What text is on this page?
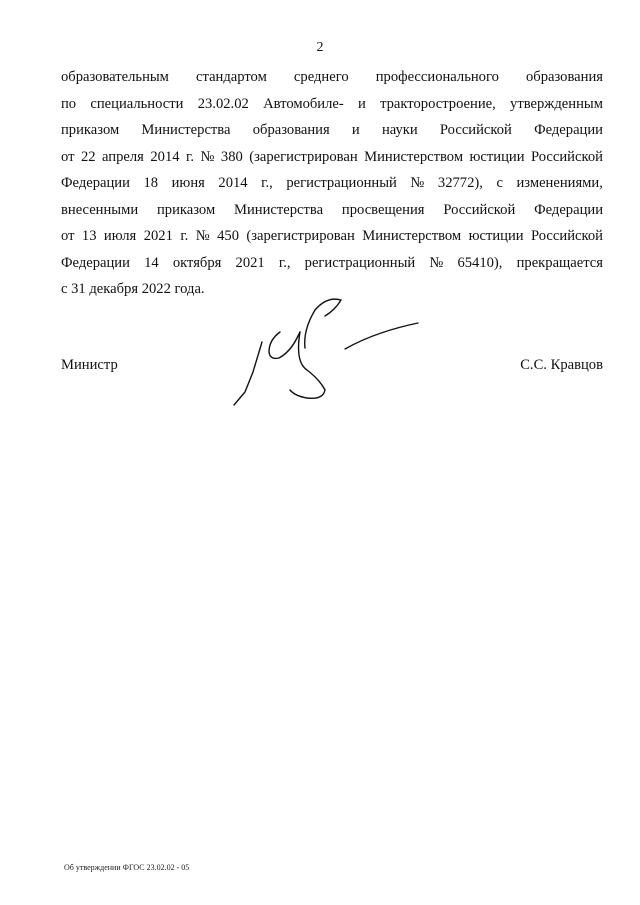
2
образовательным стандартом среднего профессионального образования
по специальности 23.02.02 Автомобиле- и тракторостроение, утвержденным
приказом Министерства образования и науки Российской Федерации
от 22 апреля 2014 г. № 380 (зарегистрирован Министерством юстиции Российской
Федерации 18 июня 2014 г., регистрационный № 32772), с изменениями,
внесенными приказом Министерства просвещения Российской Федерации
от 13 июля 2021 г. № 450 (зарегистрирован Министерством юстиции Российской
Федерации 14 октября 2021 г., регистрационный № 65410), прекращается
с 31 декабря 2022 года.
Министр	С.С. Кравцов
Об утверждении ФГОС 23.02.02 - 05
